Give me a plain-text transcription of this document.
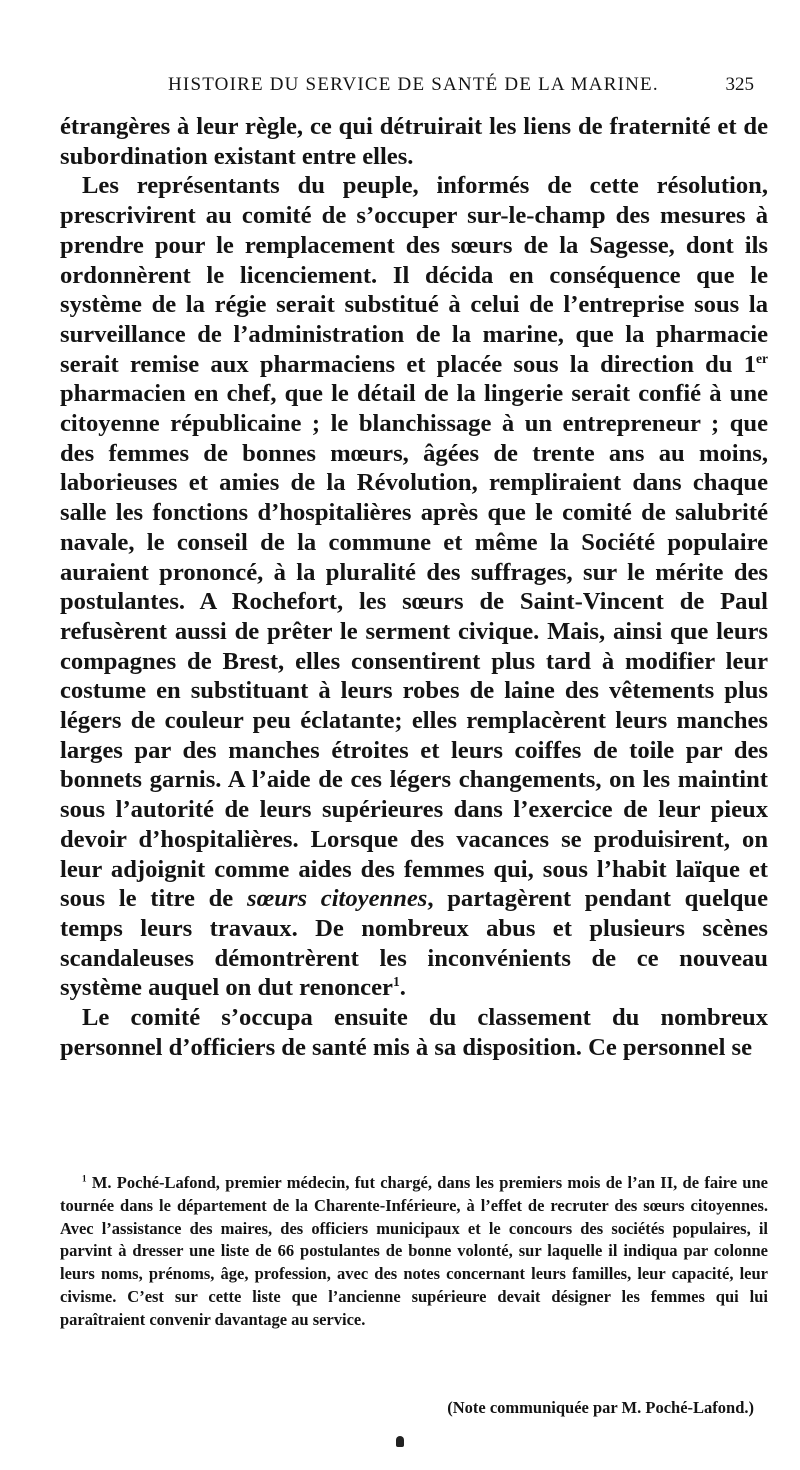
HISTOIRE DU SERVICE DE SANTÉ DE LA MARINE.	325

étrangères à leur règle, ce qui détruirait les liens de fraternité et de subordination existant entre elles.

Les représentants du peuple, informés de cette résolution, prescrivirent au comité de s’occuper sur-le-champ des mesures à prendre pour le remplacement des sœurs de la Sagesse, dont ils ordonnèrent le licenciement. Il décida en conséquence que le système de la régie serait substitué à celui de l’entreprise sous la surveillance de l’administration de la marine, que la pharmacie serait remise aux pharmaciens et placée sous la direction du 1er pharmacien en chef, que le détail de la lingerie serait confié à une citoyenne républicaine ; le blanchissage à un entrepreneur ; que des femmes de bonnes mœurs, âgées de trente ans au moins, laborieuses et amies de la Révolution, rempliraient dans chaque salle les fonctions d’hospitalières après que le comité de salubrité navale, le conseil de la commune et même la Société populaire auraient prononcé, à la pluralité des suffrages, sur le mérite des postulantes. A Rochefort, les sœurs de Saint-Vincent de Paul refusèrent aussi de prêter le serment civique. Mais, ainsi que leurs compagnes de Brest, elles consentirent plus tard à modifier leur costume en substituant à leurs robes de laine des vêtements plus légers de couleur peu éclatante; elles remplacèrent leurs manches larges par des manches étroites et leurs coiffes de toile par des bonnets garnis. A l’aide de ces légers changements, on les maintint sous l’autorité de leurs supérieures dans l’exercice de leur pieux devoir d’hospitalières. Lorsque des vacances se produisirent, on leur adjoignit comme aides des femmes qui, sous l’habit laïque et sous le titre de sœurs citoyennes, partagèrent pendant quelque temps leurs travaux. De nombreux abus et plusieurs scènes scandaleuses démontrèrent les inconvénients de ce nouveau système auquel on dut renoncer$^1$.

Le comité s’occupa ensuite du classement du nombreux personnel d’officiers de santé mis à sa disposition. Ce personnel se

$^1$ M. Poché-Lafond, premier médecin, fut chargé, dans les premiers mois de l’an II, de faire une tournée dans le département de la Charente-Inférieure, à l’effet de recruter des sœurs citoyennes. Avec l’assistance des maires, des officiers municipaux et le concours des sociétés populaires, il parvint à dresser une liste de 66 postulantes de bonne volonté, sur laquelle il indiqua par colonne leurs noms, prénoms, âge, profession, avec des notes concernant leurs familles, leur capacité, leur civisme. C’est sur cette liste que l’ancienne supérieure devait désigner les femmes qui lui paraîtraient convenir davantage au service.

(Note communiquée par M. Poché-Lafond.)
